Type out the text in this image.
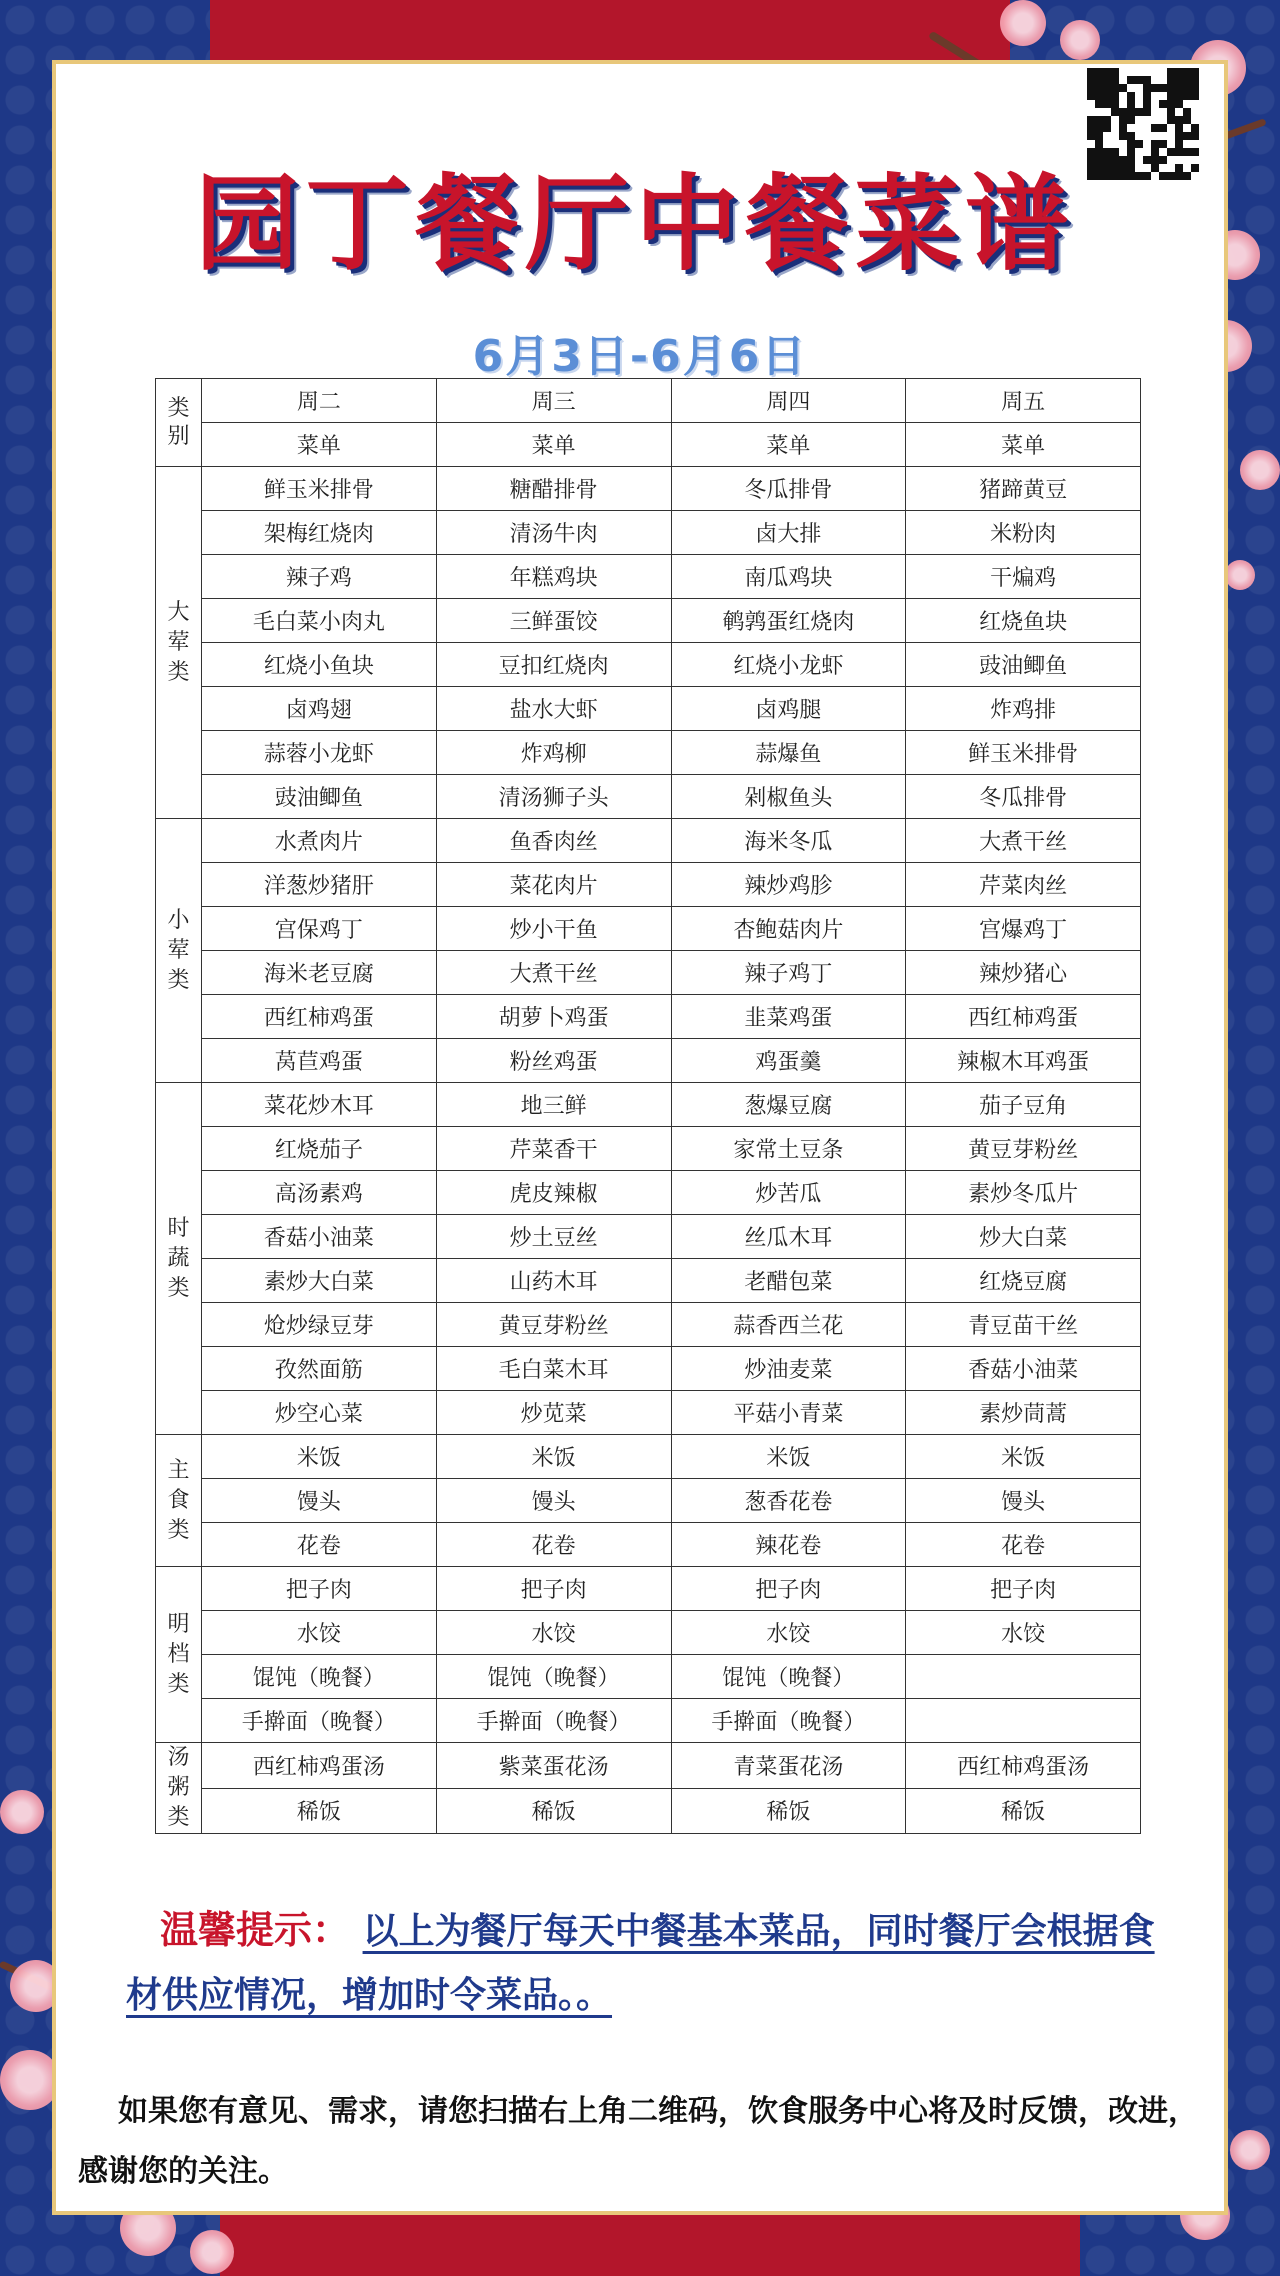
园丁餐厅中餐菜谱
6月3日-6月6日
类别	周二	周三	周四	周五
	菜单	菜单	菜单	菜单
大荤类	鲜玉米排骨	糖醋排骨	冬瓜排骨	猪蹄黄豆
	架梅红烧肉	清汤牛肉	卤大排	米粉肉
	辣子鸡	年糕鸡块	南瓜鸡块	干煸鸡
	毛白菜小肉丸	三鲜蛋饺	鹌鹑蛋红烧肉	红烧鱼块
	红烧小鱼块	豆扣红烧肉	红烧小龙虾	豉油鲫鱼
	卤鸡翅	盐水大虾	卤鸡腿	炸鸡排
	蒜蓉小龙虾	炸鸡柳	蒜爆鱼	鲜玉米排骨
	豉油鲫鱼	清汤狮子头	剁椒鱼头	冬瓜排骨
小荤类	水煮肉片	鱼香肉丝	海米冬瓜	大煮干丝
	洋葱炒猪肝	菜花肉片	辣炒鸡胗	芹菜肉丝
	宫保鸡丁	炒小干鱼	杏鲍菇肉片	宫爆鸡丁
	海米老豆腐	大煮干丝	辣子鸡丁	辣炒猪心
	西红柿鸡蛋	胡萝卜鸡蛋	韭菜鸡蛋	西红柿鸡蛋
	莴苣鸡蛋	粉丝鸡蛋	鸡蛋羹	辣椒木耳鸡蛋
时蔬类	菜花炒木耳	地三鲜	葱爆豆腐	茄子豆角
	红烧茄子	芹菜香干	家常土豆条	黄豆芽粉丝
	高汤素鸡	虎皮辣椒	炒苦瓜	素炒冬瓜片
	香菇小油菜	炒土豆丝	丝瓜木耳	炒大白菜
	素炒大白菜	山药木耳	老醋包菜	红烧豆腐
	炝炒绿豆芽	黄豆芽粉丝	蒜香西兰花	青豆苗干丝
	孜然面筋	毛白菜木耳	炒油麦菜	香菇小油菜
	炒空心菜	炒苋菜	平菇小青菜	素炒茼蒿
主食类	米饭	米饭	米饭	米饭
	馒头	馒头	葱香花卷	馒头
	花卷	花卷	辣花卷	花卷
明档类	把子肉	把子肉	把子肉	把子肉
	水饺	水饺	水饺	水饺
	馄饨（晚餐）	馄饨（晚餐）	馄饨（晚餐）	
	手擀面（晚餐）	手擀面（晚餐）	手擀面（晚餐）	
汤粥类	西红柿鸡蛋汤	紫菜蛋花汤	青菜蛋花汤	西红柿鸡蛋汤
	稀饭	稀饭	稀饭	稀饭
温馨提示： 以上为餐厅每天中餐基本菜品，同时餐厅会根据食材供应情况，增加时令菜品。。
如果您有意见、需求，请您扫描右上角二维码，饮食服务中心将及时反馈，改进，感谢您的关注。
